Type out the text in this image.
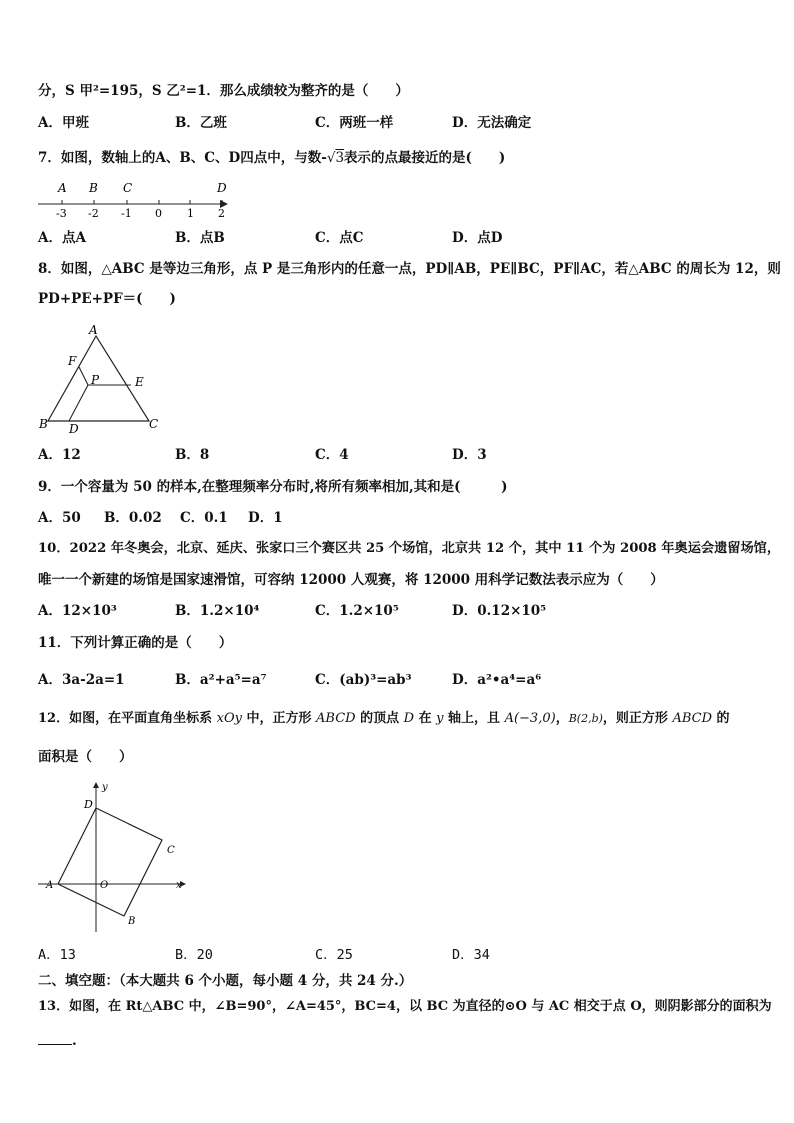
分，S 甲²=195，S 乙²=1．那么成绩较为整齐的是（　　）
A．甲班	B．乙班	C．两班一样	D．无法确定
7．如图，数轴上的A、B、C、D四点中，与数-√3表示的点最接近的是(　　)
A B C	D
-3 -2 -1 0 1 2
A．点A	B．点B	C．点C	D．点D
8．如图，△ABC 是等边三角形，点 P 是三角形内的任意一点，PD∥AB，PE∥BC，PF∥AC，若△ABC 的周长为 12，则
PD+PE+PF＝(　　)
A
F
P	E
B D	C
A．12	B．8	C．4	D．3
9．一个容量为 50 的样本,在整理频率分布时,将所有频率相加,其和是(　　　)
A．50 B．0.02 C．0.1 D．1
10．2022 年冬奥会，北京、延庆、张家口三个赛区共 25 个场馆，北京共 12 个，其中 11 个为 2008 年奥运会遗留场馆，
唯一一个新建的场馆是国家速滑馆，可容纳 12000 人观赛，将 12000 用科学记数法表示应为（　　）
A．12×10³	B．1.2×10⁴	C．1.2×10⁵	D．0.12×10⁵
11．下列计算正确的是（　　）
A．3a-2a=1	B．a²+a⁵=a⁷	C．(ab)³=ab³	D．a²•a⁴=a⁶
12．如图，在平面直角坐标系 xOy 中，正方形 ABCD 的顶点 D 在 y 轴上，且 A(−3,0)，B(2,b)，则正方形 ABCD 的
面积是（　　）
y
D
C
A	O	x
B
A．13	B．20	C．25	D．34
二、填空题：（本大题共 6 个小题，每小题 4 分，共 24 分.）
13．如图，在 Rt△ABC 中，∠B=90°，∠A=45°，BC=4，以 BC 为直径的⊙O 与 AC 相交于点 O，则阴影部分的面积为
.
